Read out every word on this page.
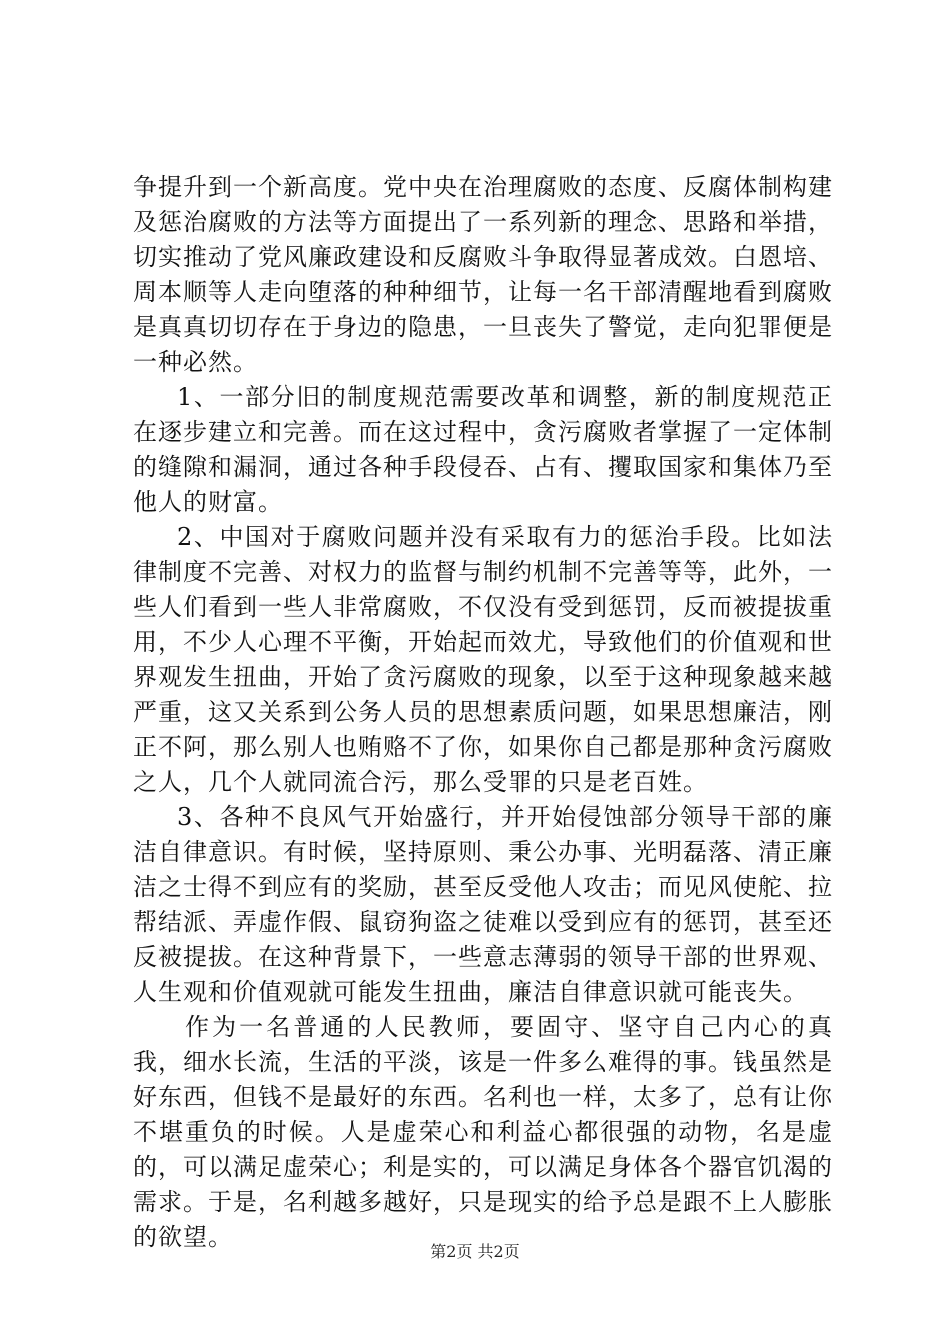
争提升到一个新高度。党中央在治理腐败的态度、反腐体制构建及惩治腐败的方法等方面提出了一系列新的理念、思路和举措，切实推动了党风廉政建设和反腐败斗争取得显著成效。白恩培、周本顺等人走向堕落的种种细节，让每一名干部清醒地看到腐败是真真切切存在于身边的隐患，一旦丧失了警觉，走向犯罪便是一种必然。

1、一部分旧的制度规范需要改革和调整，新的制度规范正在逐步建立和完善。而在这过程中，贪污腐败者掌握了一定体制的缝隙和漏洞，通过各种手段侵吞、占有、攫取国家和集体乃至他人的财富。

2、中国对于腐败问题并没有采取有力的惩治手段。比如法律制度不完善、对权力的监督与制约机制不完善等等，此外，一些人们看到一些人非常腐败，不仅没有受到惩罚，反而被提拔重用，不少人心理不平衡，开始起而效尤，导致他们的价值观和世界观发生扭曲，开始了贪污腐败的现象，以至于这种现象越来越严重，这又关系到公务人员的思想素质问题，如果思想廉洁，刚正不阿，那么别人也贿赂不了你，如果你自己都是那种贪污腐败之人，几个人就同流合污，那么受罪的只是老百姓。

3、各种不良风气开始盛行，并开始侵蚀部分领导干部的廉洁自律意识。有时候，坚持原则、秉公办事、光明磊落、清正廉洁之士得不到应有的奖励，甚至反受他人攻击；而见风使舵、拉帮结派、弄虚作假、鼠窃狗盗之徒难以受到应有的惩罚，甚至还反被提拔。在这种背景下，一些意志薄弱的领导干部的世界观、人生观和价值观就可能发生扭曲，廉洁自律意识就可能丧失。

作为一名普通的人民教师，要固守、坚守自己内心的真我，细水长流，生活的平淡，该是一件多么难得的事。钱虽然是好东西，但钱不是最好的东西。名利也一样，太多了，总有让你不堪重负的时候。人是虚荣心和利益心都很强的动物，名是虚的，可以满足虚荣心；利是实的，可以满足身体各个器官饥渴的需求。于是，名利越多越好，只是现实的给予总是跟不上人膨胀的欲望。

第2页 共2页
